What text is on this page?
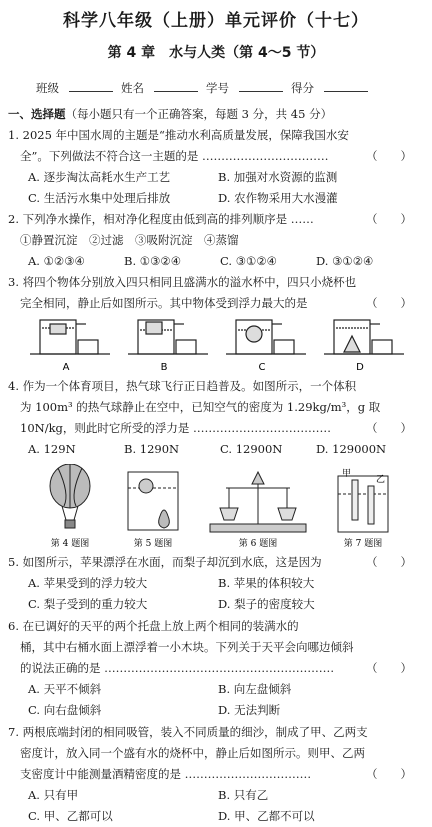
科学八年级（上册）单元评价（十七）
第 4 章　水与人类（第 4～5 节）
班级	姓名	学号	得分
一、选择题（每小题只有一个正确答案，每题 3 分，共 45 分）
1. 2025 年中国水周的主题是“推动水利高质量发展，保障我国水安
全”。下列做法不符合这一主题的是 ……………………………	（　　）
A. 逐步淘汰高耗水生产工艺	B. 加强对水资源的监测
C. 生活污水集中处理后排放	D. 农作物采用大水漫灌
2. 下列净水操作，相对净化程度由低到高的排列顺序是 ……	（　　）
①静置沉淀　②过滤　③吸附沉淀　④蒸馏
A. ①②③④	B. ①③②④	C. ③①②④	D. ③①②④
3. 将四个物体分别放入四只相同且盛满水的溢水杯中，四只小烧杯也
完全相同，静止后如图所示。其中物体受到浮力最大的是	（　　）
A	B	C	D
4. 作为一个体育项目，热气球飞行正日趋普及。如图所示，一个体积
为 100m³ 的热气球静止在空中，已知空气的密度为 1.29kg/m³，g 取
10N/kg，则此时它所受的浮力是 ………………………………	（　　）
A. 129N	B. 1290N	C. 12900N	D. 129000N
甲
乙
第 4 题图	第 5 题图	第 6 题图	第 7 题图
5. 如图所示，苹果漂浮在水面，而梨子却沉到水底，这是因为	（　　）
A. 苹果受到的浮力较大	B. 苹果的体积较大
C. 梨子受到的重力较大	D. 梨子的密度较大
6. 在已调好的天平的两个托盘上放上两个相同的装满水的
桶，其中右桶水面上漂浮着一小木块。下列关于天平会向哪边倾斜
的说法正确的是 ……………………………………………………	（　　）
A. 天平不倾斜	B. 向左盘倾斜
C. 向右盘倾斜	D. 无法判断
7. 两根底端封闭的相同吸管，装入不同质量的细沙，制成了甲、乙两支
密度计，放入同一个盛有水的烧杯中，静止后如图所示。则甲、乙两
支密度计中能测量酒精密度的是 ……………………………	（　　）
A. 只有甲	B. 只有乙
C. 甲、乙都可以	D. 甲、乙都不可以
